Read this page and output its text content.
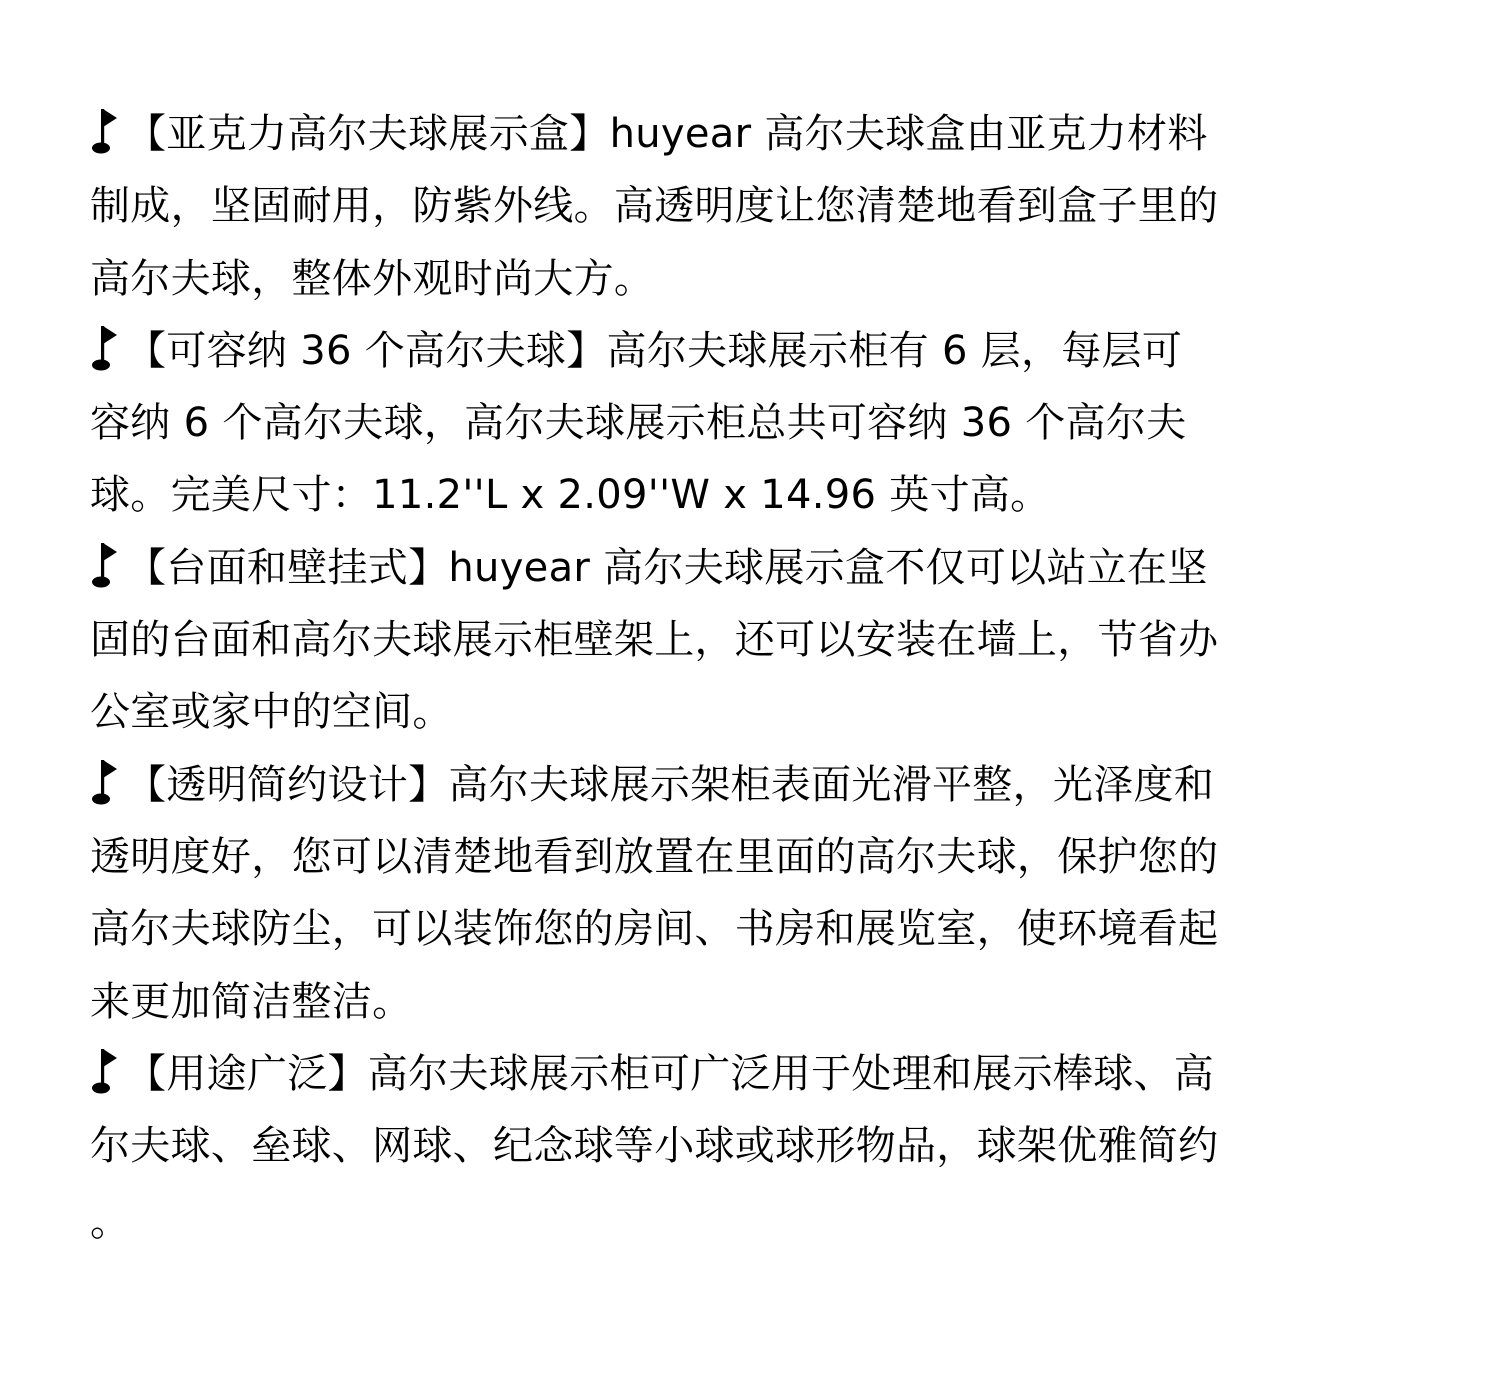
【亚克力高尔夫球展示盒】huyear 高尔夫球盒由亚克力材料
制成，坚固耐用，防紫外线。高透明度让您清楚地看到盒子里的
高尔夫球，整体外观时尚大方。
【可容纳 36 个高尔夫球】高尔夫球展示柜有 6 层，每层可
容纳 6 个高尔夫球，高尔夫球展示柜总共可容纳 36 个高尔夫
球。完美尺寸：11.2''L x 2.09''W x 14.96 英寸高。
【台面和壁挂式】huyear 高尔夫球展示盒不仅可以站立在坚
固的台面和高尔夫球展示柜壁架上，还可以安装在墙上，节省办
公室或家中的空间。
【透明简约设计】高尔夫球展示架柜表面光滑平整，光泽度和
透明度好，您可以清楚地看到放置在里面的高尔夫球，保护您的
高尔夫球防尘，可以装饰您的房间、书房和展览室，使环境看起
来更加简洁整洁。
【用途广泛】高尔夫球展示柜可广泛用于处理和展示棒球、高
尔夫球、垒球、网球、纪念球等小球或球形物品，球架优雅简约
。
